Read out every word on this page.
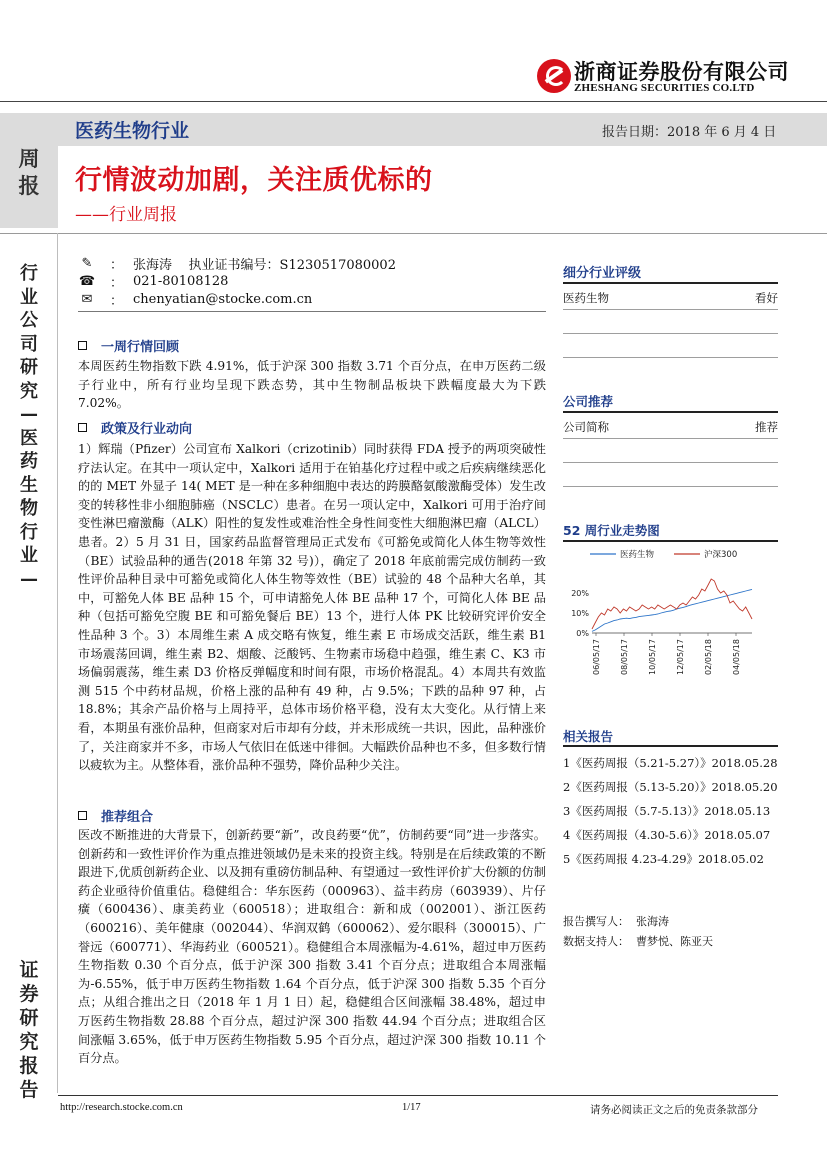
浙商证券股份有限公司
ZHESHANG SECURITIES CO.LTD
医药生物行业	报告日期：2018 年 6 月 4 日
周
报 行情波动加剧，关注质优标的
——行业周报
行
业
公
司
研
究
—
医
药
生
物
行
业
—
证
券
研
究
报
告
✎ ： 张海涛    执业证书编号：S1230517080002
☎ ： 021-80108128
✉ ： chenyatian@stocke.com.cn
一周行情回顾

本周医药生物指数下跌 4.91%，低于沪深 300 指数 3.71 个百分点，在申万医药二级子行业中，所有行业均呈现下跌态势，其中生物制品板块下跌幅度最大为下跌 7.02%。

政策及行业动向

1）辉瑞（Pfizer）公司宣布 Xalkori（crizotinib）同时获得 FDA 授予的两项突破性疗法认定。在其中一项认定中，Xalkori 适用于在铂基化疗过程中或之后疾病继续恶化的的 MET 外显子 14( MET 是一种在多种细胞中表达的跨膜酪氨酸激酶受体）发生改变的转移性非小细胞肺癌（NSCLC）患者。在另一项认定中，Xalkori 可用于治疗间变性淋巴瘤激酶（ALK）阳性的复发性或难治性全身性间变性大细胞淋巴瘤（ALCL）患者。2）5 月 31 日，国家药品监督管理局正式发布《可豁免或简化人体生物等效性（BE）试验品种的通告(2018 年第 32 号)），确定了 2018 年底前需完成仿制药一致性评价品种目录中可豁免或简化人体生物等效性（BE）试验的 48 个品种大名单，其中，可豁免人体 BE 品种 15 个，可申请豁免人体 BE 品种 17 个，可简化人体 BE 品种（包括可豁免空腹 BE 和可豁免餐后 BE）13 个，进行人体 PK 比较研究评价安全性品种 3 个。3）本周维生素 A 成交略有恢复，维生素 E 市场成交活跃，维生素 B1 市场震荡回调，维生素 B2、烟酸、泛酸钙、生物素市场稳中趋强，维生素 C、K3 市场偏弱震荡，维生素 D3 价格反弹幅度和时间有限，市场价格混乱。4）本周共有效监测 515 个中药材品规，价格上涨的品种有 49 种，占 9.5%；下跌的品种 97 种，占 18.8%；其余产品价格与上周持平，总体市场价格平稳，没有太大变化。从行情上来看，本期虽有涨价品种，但商家对后市却有分歧，并未形成统一共识，因此，品种涨价了，关注商家并不多，市场人气依旧在低迷中徘徊。大幅跌价品种也不多，但多数行情以疲软为主。从整体看，涨价品种不强势，降价品种少关注。

推荐组合

医改不断推进的大背景下，创新药要“新”，改良药要“优”，仿制药要“同”进一步落实。创新药和一致性评价作为重点推进领域仍是未来的投资主线。特别是在后续政策的不断跟进下,优质创新药企业、以及拥有重磅仿制品种、有望通过一致性评价扩大份额的仿制药企业亟待价值重估。稳健组合：华东医药（000963）、益丰药房（603939）、片仔癀（600436）、康美药业（600518）；进取组合：新和成（002001）、浙江医药（600216）、美年健康（002044）、华润双鹤（600062）、爱尔眼科（300015）、广誉远（600771）、华海药业（600521）。稳健组合本周涨幅为-4.61%，超过申万医药生物指数 0.30 个百分点，低于沪深 300 指数 3.41 个百分点；进取组合本周涨幅为-6.55%，低于申万医药生物指数 1.64 个百分点，低于沪深 300 指数 5.35 个百分点；从组合推出之日（2018 年 1 月 1 日）起，稳健组合区间涨幅 38.48%，超过申万医药生物指数 28.88 个百分点，超过沪深 300 指数 44.94 个百分点；进取组合区间涨幅 3.65%，低于申万医药生物指数 5.95 个百分点，超过沪深 300 指数 10.11 个百分点。

细分行业评级
医药生物	看好
公司推荐
公司简称	推荐
52 周行业走势图
医药生物	沪深300
0%
10%
20%
06/05/17 08/05/17 10/05/17 12/05/17 02/05/18 04/05/18
相关报告
1《医药周报（5.21-5.27）》2018.05.28
2《医药周报（5.13-5.20）》2018.05.20
3《医药周报（5.7-5.13）》2018.05.13
4《医药周报（4.30-5.6）》2018.05.07
5《医药周报 4.23-4.29》2018.05.02
报告撰写人：  张海涛
数据支持人：  曹梦悦、陈亚天
http://research.stocke.com.cn	1/17	请务必阅读正文之后的免责条款部分
